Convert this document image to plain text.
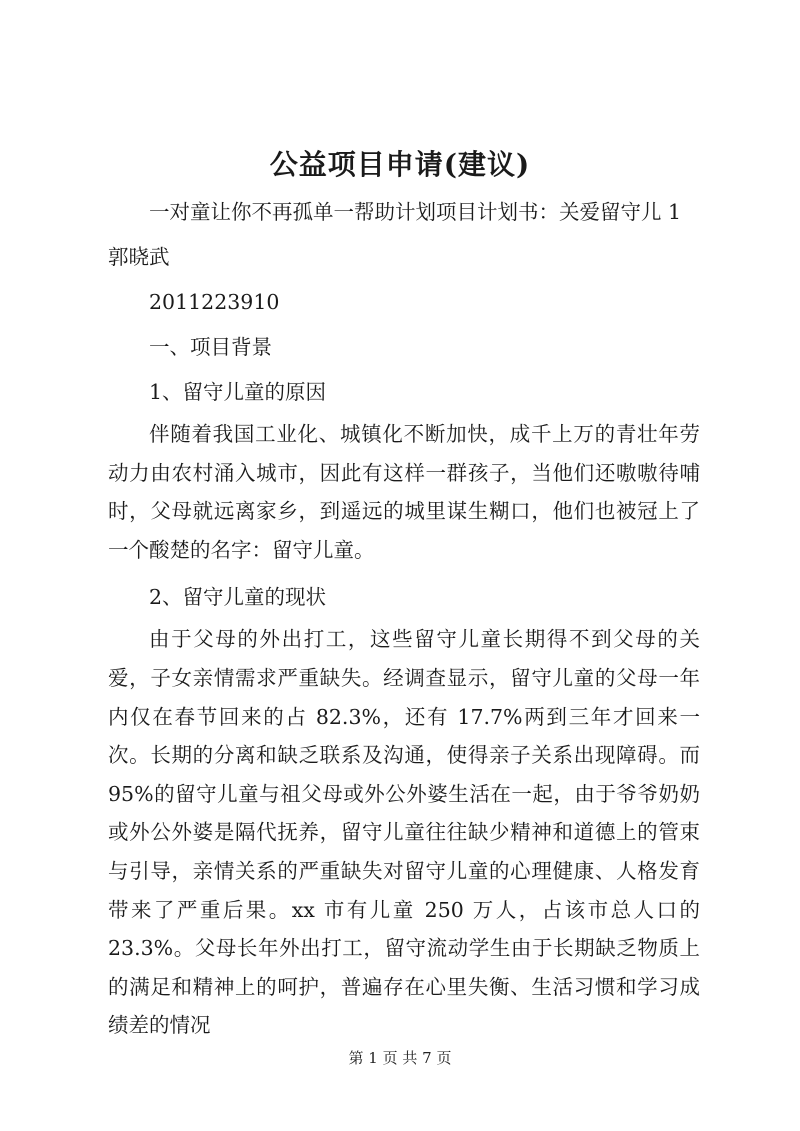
公益项目申请(建议)

一对童让你不再孤单一帮助计划项目计划书：关爱留守儿 1

郭晓武

2011223910

一、项目背景

1、留守儿童的原因

伴随着我国工业化、城镇化不断加快，成千上万的青壮年劳动力由农村涌入城市，因此有这样一群孩子，当他们还嗷嗷待哺时，父母就远离家乡，到遥远的城里谋生糊口，他们也被冠上了一个酸楚的名字：留守儿童。

2、留守儿童的现状

由于父母的外出打工，这些留守儿童长期得不到父母的关爱，子女亲情需求严重缺失。经调查显示，留守儿童的父母一年内仅在春节回来的占 82.3%，还有 17.7%两到三年才回来一次。长期的分离和缺乏联系及沟通，使得亲子关系出现障碍。而 95%的留守儿童与祖父母或外公外婆生活在一起，由于爷爷奶奶或外公外婆是隔代抚养，留守儿童往往缺少精神和道德上的管束与引导，亲情关系的严重缺失对留守儿童的心理健康、人格发育带来了严重后果。xx 市有儿童 250 万人，占该市总人口的 23.3%。父母长年外出打工，留守流动学生由于长期缺乏物质上的满足和精神上的呵护，普遍存在心里失衡、生活习惯和学习成绩差的情况

第 1 页 共 7 页
